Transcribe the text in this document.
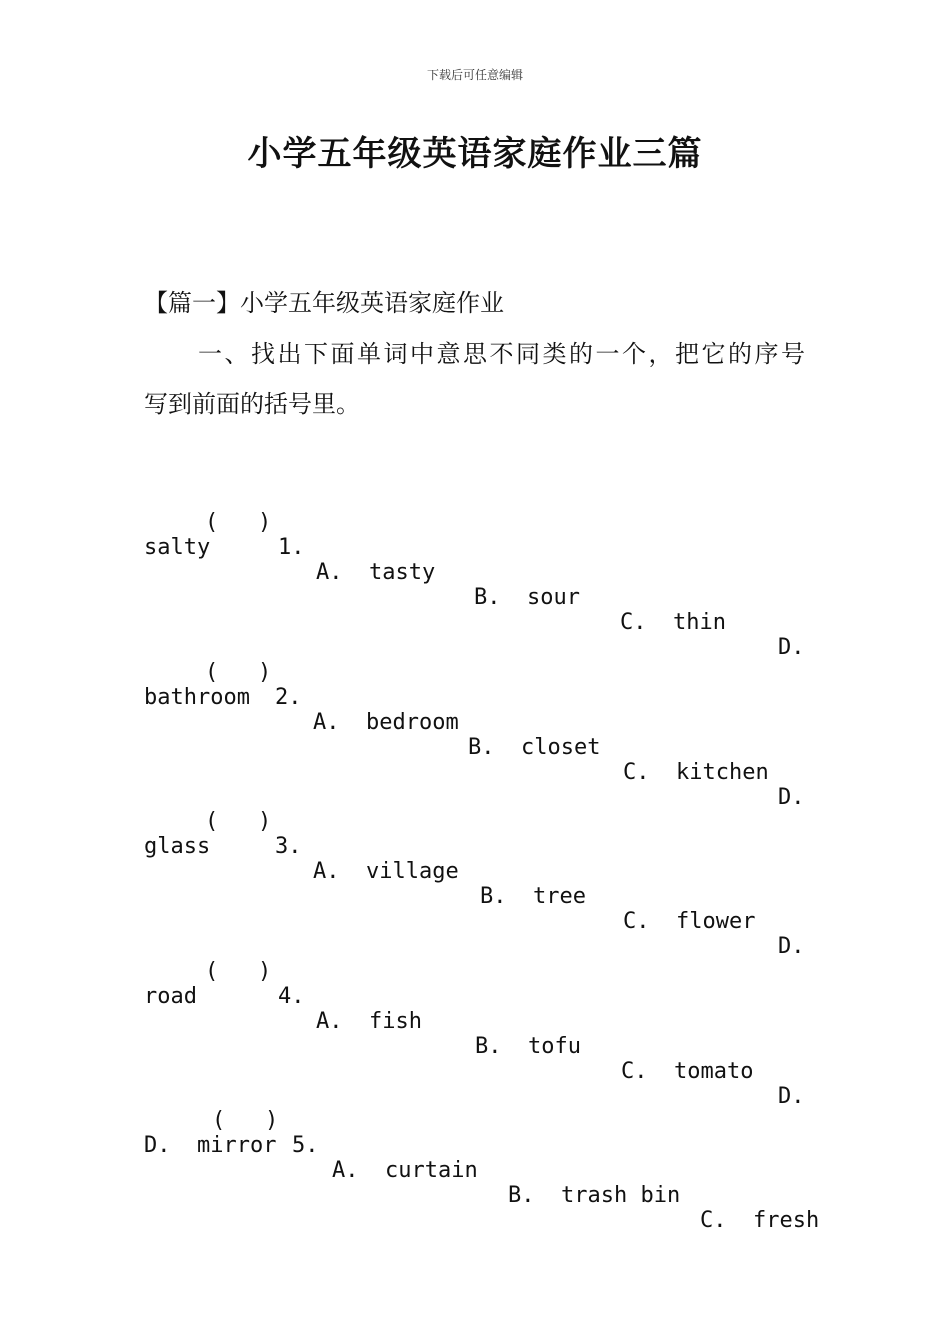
下载后可任意编辑
小学五年级英语家庭作业三篇
【篇一】小学五年级英语家庭作业
一、找出下面单词中意思不同类的一个，把它的序号
写到前面的括号里。

(   )

1.

A.  tasty

B.  sour

C.  thin

D.

salty

(   )

2.

A.  bedroom

B.  closet

C.  kitchen

D.

bathroom

(   )

3.

A.  village

B.  tree

C.  flower

D.

glass

(   )

4.

A.  fish

B.  tofu

C.  tomato

D.

road

(   )

5.

A.  curtain

B.  trash bin

C.  fresh

D.  mirror
